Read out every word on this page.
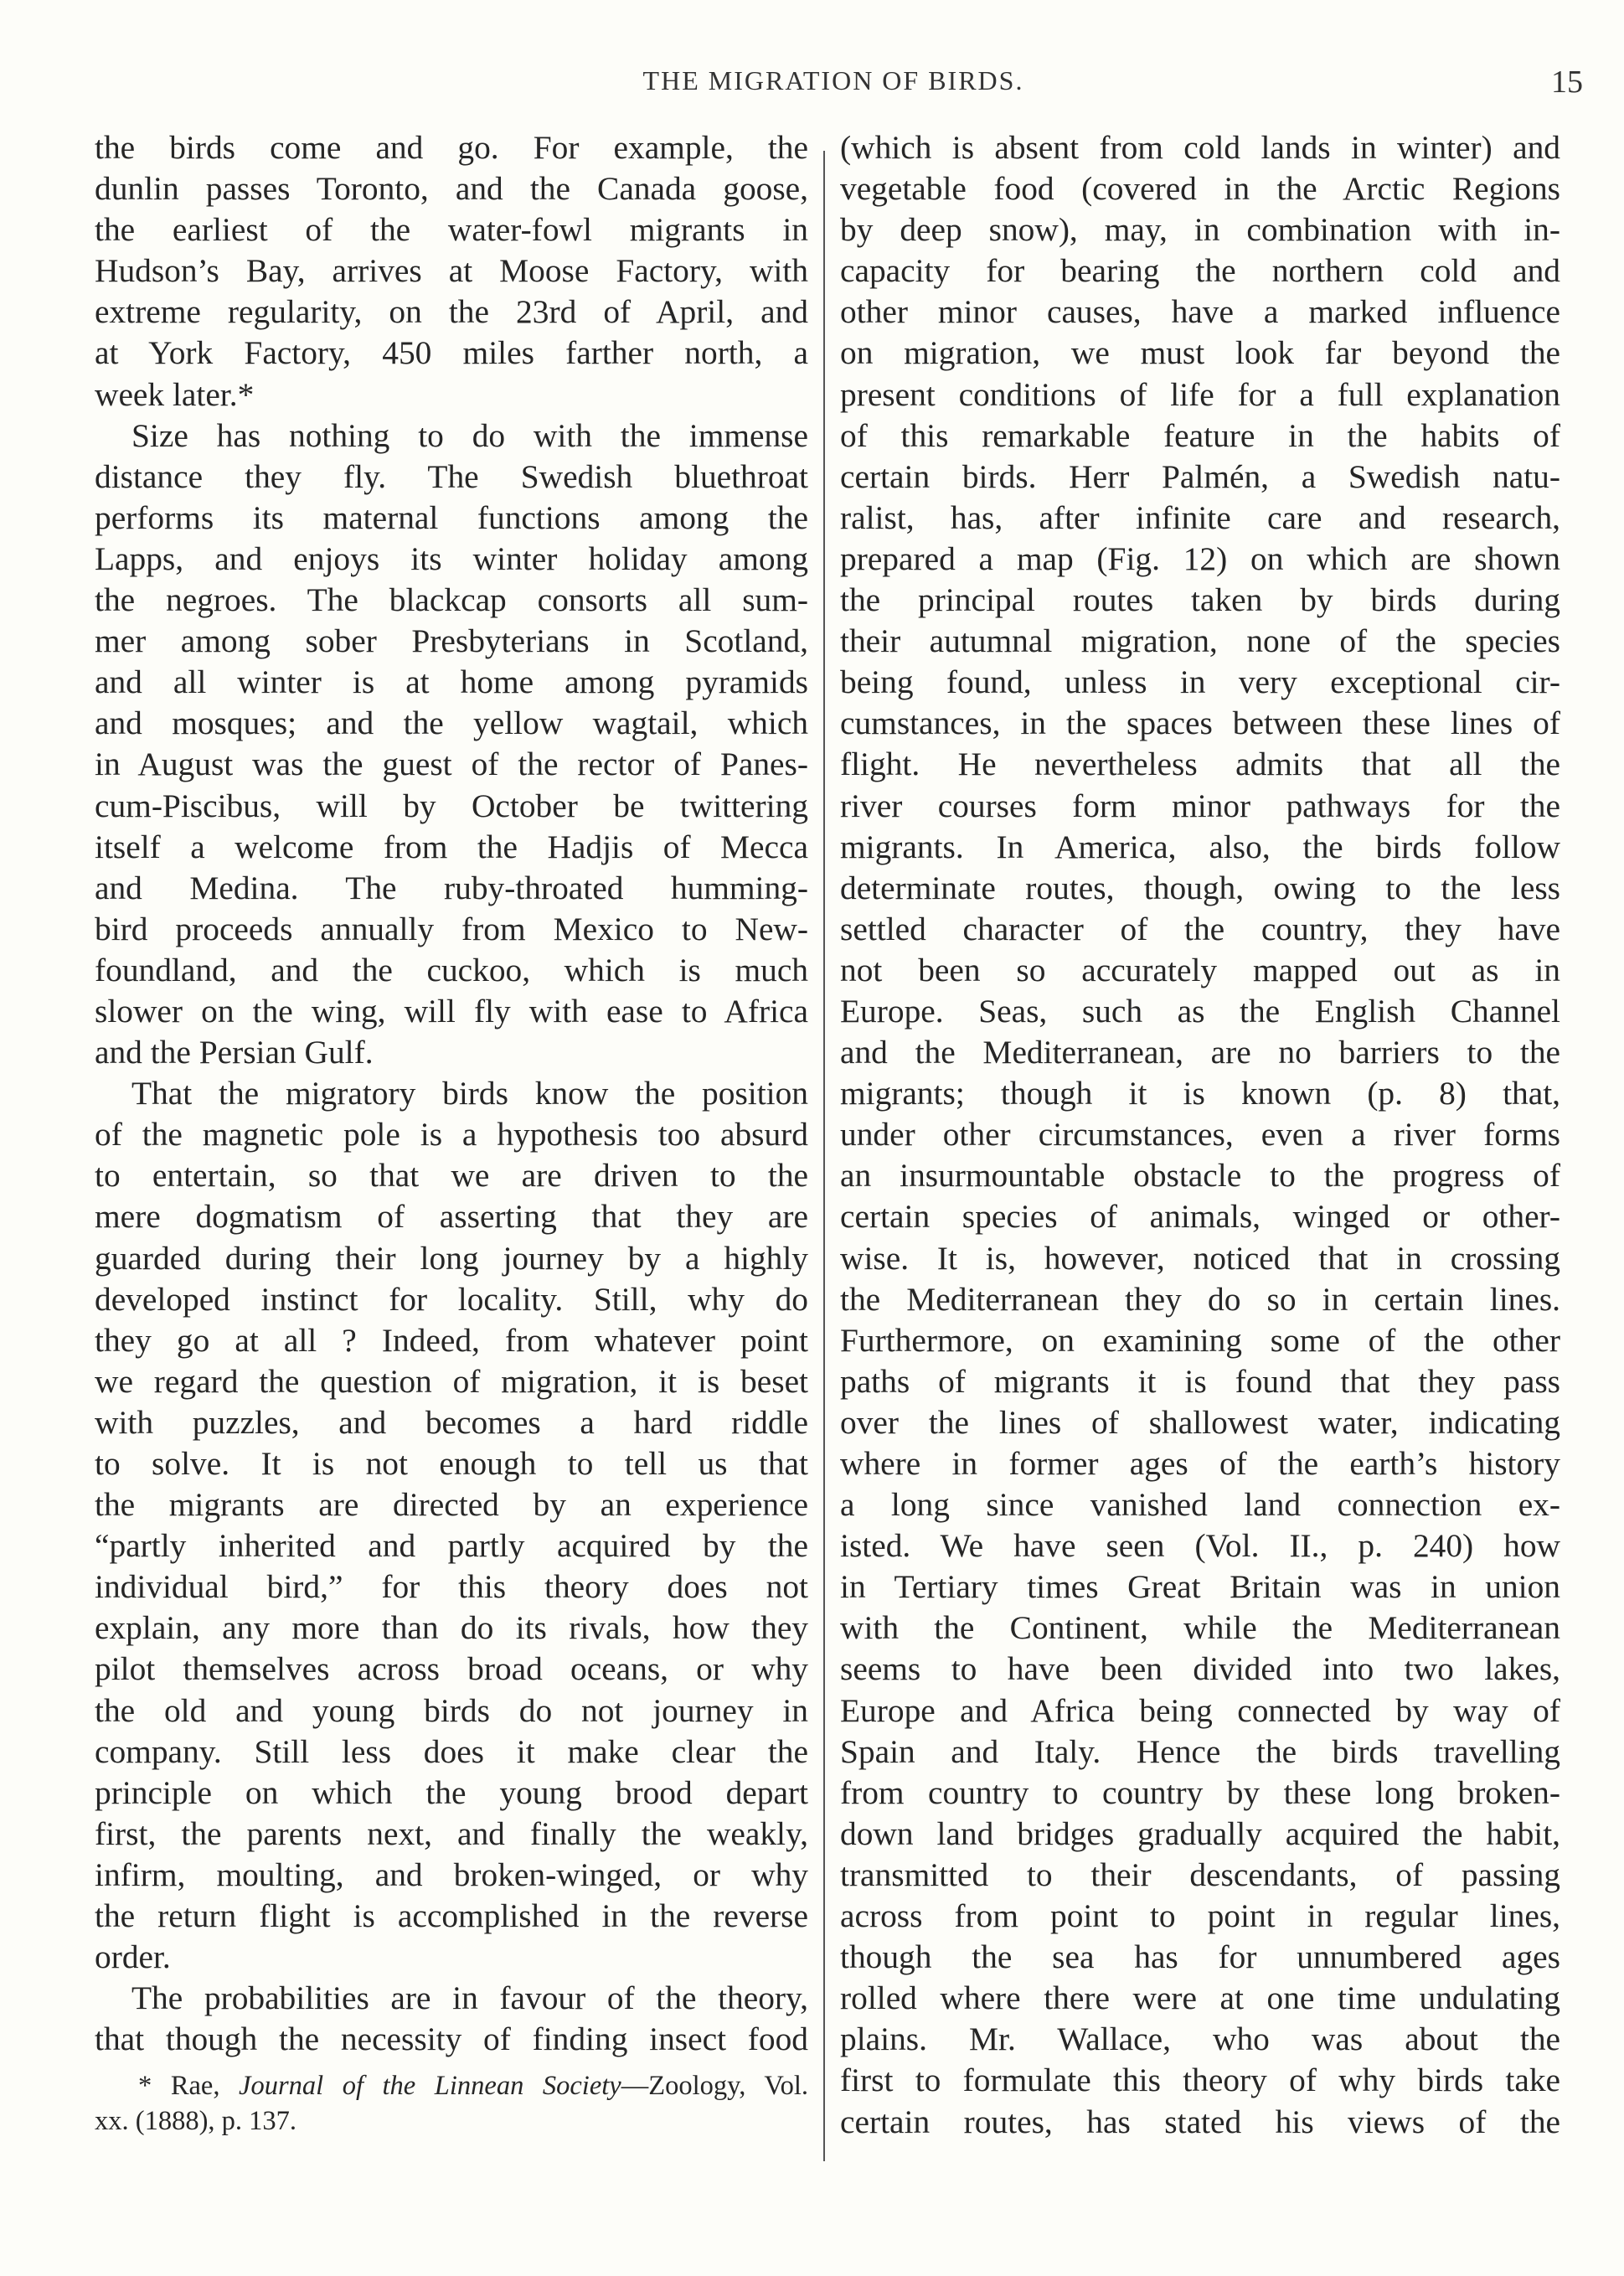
THE MIGRATION OF BIRDS.	15
the birds come and go. For example, the
dunlin passes Toronto, and the Canada goose,
the earliest of the water-fowl migrants in
Hudson’s Bay, arrives at Moose Factory, with
extreme regularity, on the 23rd of April, and
at York Factory, 450 miles farther north, a
week later.*
Size has nothing to do with the immense
distance they fly. The Swedish bluethroat
performs its maternal functions among the
Lapps, and enjoys its winter holiday among
the negroes. The blackcap consorts all sum-
mer among sober Presbyterians in Scotland,
and all winter is at home among pyramids
and mosques; and the yellow wagtail, which
in August was the guest of the rector of Panes-
cum-Piscibus, will by October be twittering
itself a welcome from the Hadjis of Mecca
and Medina. The ruby-throated humming-
bird proceeds annually from Mexico to New-
foundland, and the cuckoo, which is much
slower on the wing, will fly with ease to Africa
and the Persian Gulf.
That the migratory birds know the position
of the magnetic pole is a hypothesis too absurd
to entertain, so that we are driven to the
mere dogmatism of asserting that they are
guarded during their long journey by a highly
developed instinct for locality. Still, why do
they go at all ? Indeed, from whatever point
we regard the question of migration, it is beset
with puzzles, and becomes a hard riddle
to solve. It is not enough to tell us that
the migrants are directed by an experience
“partly inherited and partly acquired by the
individual bird,” for this theory does not
explain, any more than do its rivals, how they
pilot themselves across broad oceans, or why
the old and young birds do not journey in
company. Still less does it make clear the
principle on which the young brood depart
first, the parents next, and finally the weakly,
infirm, moulting, and broken-winged, or why
the return flight is accomplished in the reverse
order.
The probabilities are in favour of the theory,
that though the necessity of finding insect food
* Rae, Journal of the Linnean Society—Zoology, Vol.
xx. (1888), p. 137.
(which is absent from cold lands in winter) and
vegetable food (covered in the Arctic Regions
by deep snow), may, in combination with in-
capacity for bearing the northern cold and
other minor causes, have a marked influence
on migration, we must look far beyond the
present conditions of life for a full explanation
of this remarkable feature in the habits of
certain birds. Herr Palmén, a Swedish natu-
ralist, has, after infinite care and research,
prepared a map (Fig. 12) on which are shown
the principal routes taken by birds during
their autumnal migration, none of the species
being found, unless in very exceptional cir-
cumstances, in the spaces between these lines of
flight. He nevertheless admits that all the
river courses form minor pathways for the
migrants. In America, also, the birds follow
determinate routes, though, owing to the less
settled character of the country, they have
not been so accurately mapped out as in
Europe. Seas, such as the English Channel
and the Mediterranean, are no barriers to the
migrants; though it is known (p. 8) that,
under other circumstances, even a river forms
an insurmountable obstacle to the progress of
certain species of animals, winged or other-
wise. It is, however, noticed that in crossing
the Mediterranean they do so in certain lines.
Furthermore, on examining some of the other
paths of migrants it is found that they pass
over the lines of shallowest water, indicating
where in former ages of the earth’s history
a long since vanished land connection ex-
isted. We have seen (Vol. II., p. 240) how
in Tertiary times Great Britain was in union
with the Continent, while the Mediterranean
seems to have been divided into two lakes,
Europe and Africa being connected by way of
Spain and Italy. Hence the birds travelling
from country to country by these long broken-
down land bridges gradually acquired the habit,
transmitted to their descendants, of passing
across from point to point in regular lines,
though the sea has for unnumbered ages
rolled where there were at one time undulating
plains. Mr. Wallace, who was about the
first to formulate this theory of why birds take
certain routes, has stated his views of the
